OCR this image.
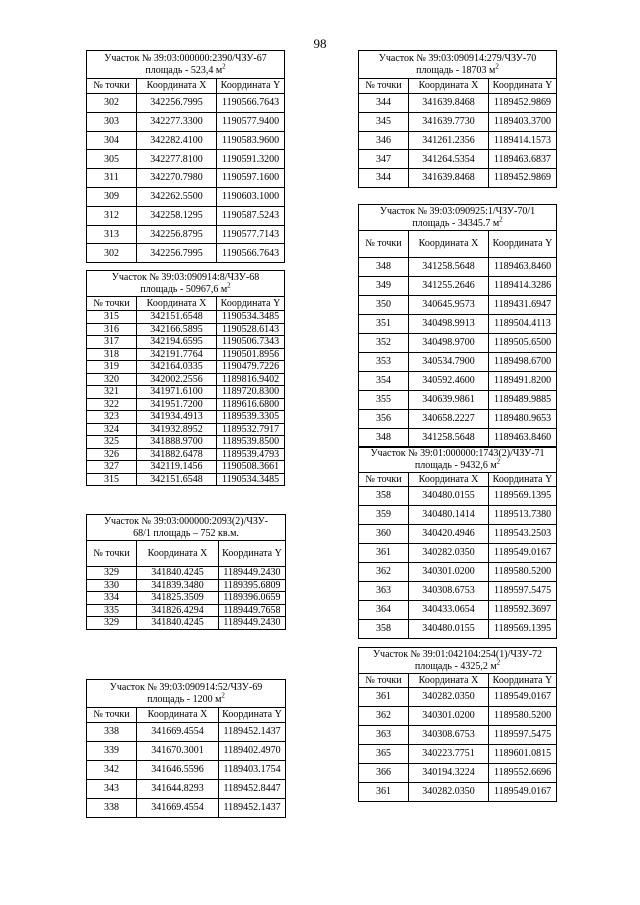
98
Участок № 39:03:000000:2390/ЧЗУ-67
площадь - 523,4 $м^2$
№ точки	Координата X	Координата Y
302	342256.7995	1190566.7643
303	342277.3300	1190577.9400
304	342282.4100	1190583.9600
305	342277.8100	1190591.3200
311	342270.7980	1190597.1600
309	342262.5500	1190603.1000
312	342258.1295	1190587.5243
313	342256.8795	1190577.7143
302	342256.7995	1190566.7643
Участок № 39:03:090914:8/ЧЗУ-68
площадь - 50967,6 $м^2$
№ точки	Координата X	Координата Y
315	342151.6548	1190534.3485
316	342166.5895	1190528.6143
317	342194.6595	1190506.7343
318	342191.7764	1190501.8956
319	342164.0335	1190479.7226
320	342002.2556	1189816.9402
321	341971.6100	1189720.8300
322	341951.7200	1189616.6800
323	341934.4913	1189539.3305
324	341932.8952	1189532.7917
325	341888.9700	1189539.8500
326	341882.6478	1189539.4793
327	342119.1456	1190508.3661
315	342151.6548	1190534.3485
Участок № 39:03:000000:2093(2)/ЧЗУ-
68/1 площадь – 752 кв.м.		
№ точки	Координата X	Координата Y
329	341840.4245	1189449.2430
330	341839.3480	1189395.6809
334	341825.3509	1189396.0659
335	341826.4294	1189449.7658
329	341840.4245	1189449.2430
Участок № 39:03:090914:52/ЧЗУ-69
площадь - 1200 $м^2$
№ точки	Координата X	Координата Y
338	341669.4554	1189452.1437
339	341670.3001	1189402.4970
342	341646.5596	1189403.1754
343	341644.8293	1189452.8447
338	341669.4554	1189452.1437
Участок № 39:03:090914:279/ЧЗУ-70
площадь - 18703 $м^2$
№ точки	Координата X	Координата Y
344	341639.8468	1189452.9869
345	341639.7730	1189403.3700
346	341261.2356	1189414.1573
347	341264.5354	1189463.6837
344	341639.8468	1189452.9869
Участок № 39:03:090925:1/ЧЗУ-70/1
площадь - 34345.7 $м^2$
№ точки	Координата X	Координата Y
348	341258.5648	1189463.8460
349	341255.2646	1189414.3286
350	340645.9573	1189431.6947
351	340498.9913	1189504.4113
352	340498.9700	1189505.6500
353	340534.7900	1189498.6700
354	340592.4600	1189491.8200
355	340639.9861	1189489.9885
356	340658.2227	1189480.9653
348	341258.5648	1189463.8460
Участок № 39:01:000000:1743(2)/ЧЗУ-71
площадь - 9432,6 $м^2$
№ точки	Координата X	Координата Y
358	340480.0155	1189569.1395
359	340480.1414	1189513.7380
360	340420.4946	1189543.2503
361	340282.0350	1189549.0167
362	340301.0200	1189580.5200
363	340308.6753	1189597.5475
364	340433.0654	1189592.3697
358	340480.0155	1189569.1395
Участок № 39:01:042104:254(1)/ЧЗУ-72
площадь - 4325,2 $м^2$
№ точки	Координата X	Координата Y
361	340282.0350	1189549.0167
362	340301.0200	1189580.5200
363	340308.6753	1189597.5475
365	340223.7751	1189601.0815
366	340194.3224	1189552.6696
361	340282.0350	1189549.0167
